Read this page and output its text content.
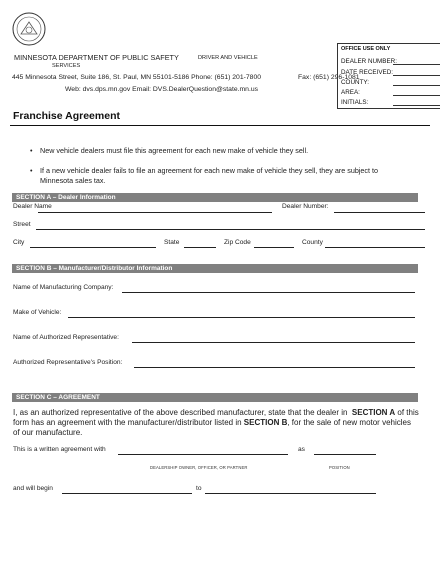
MINNESOTA DEPARTMENT OF PUBLIC SAFETY	DRIVER AND VEHICLE
SERVICES
445 Minnesota Street, Suite 186, St. Paul, MN 55101-5186 Phone: (651) 201-7800	Fax: (651) 296-1081
Web: dvs.dps.mn.gov Email: DVS.DealerQuestion@state.mn.us
OFFICE USE ONLY
DEALER NUMBER:
DATE RECEIVED:
COUNTY:
AREA:
INITIALS:
Franchise Agreement
• New vehicle dealers must file this agreement for each new make of vehicle they sell.
• If a new vehicle dealer fails to file an agreement for each new make of vehicle they sell, they are subject to
Minnesota sales tax.
SECTION A – Dealer Information
Dealer Name	Dealer Number:
Street
City	State	Zip Code	County
SECTION B – Manufacturer/Distributor Information
Name of Manufacturing Company:
Make of Vehicle:
Name of Authorized Representative:
Authorized Representative's Position:
SECTION C – AGREEMENT
I, as an authorized representative of the above described manufacturer, state that the dealer in SECTION A of this
form has an agreement with the manufacturer/distributor listed in SECTION B, for the sale of new motor vehicles
of our manufacture.
This is a written agreement with	as
DEALERSHIP OWNER, OFFICER, OR PARTNER	POSITION
and will begin	to
